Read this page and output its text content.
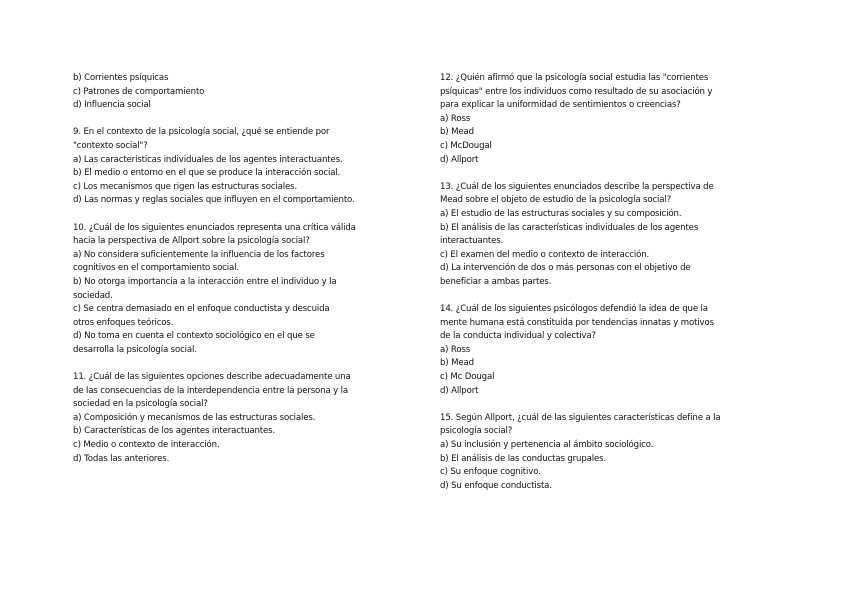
b) Corrientes psíquicas
c) Patrones de comportamiento
d) Influencia social
9. En el contexto de la psicología social, ¿qué se entiende por
"contexto social"?
a) Las características individuales de los agentes interactuantes.
b) El medio o entorno en el que se produce la interacción social.
c) Los mecanismos que rigen las estructuras sociales.
d) Las normas y reglas sociales que influyen en el comportamiento.
10. ¿Cuál de los siguientes enunciados representa una crítica válida
hacia la perspectiva de Allport sobre la psicología social?
a) No considera suficientemente la influencia de los factores
cognitivos en el comportamiento social.
b) No otorga importancia a la interacción entre el individuo y la
sociedad.
c) Se centra demasiado en el enfoque conductista y descuida
otros enfoques teóricos.
d) No toma en cuenta el contexto sociológico en el que se
desarrolla la psicología social.
11. ¿Cuál de las siguientes opciones describe adecuadamente una
de las consecuencias de la interdependencia entre la persona y la
sociedad en la psicología social?
a) Composición y mecanismos de las estructuras sociales.
b) Características de los agentes interactuantes.
c) Medio o contexto de interacción.
d) Todas las anteriores.
12. ¿Quién afirmó que la psicología social estudia las "corrientes
psíquicas" entre los individuos como resultado de su asociación y
para explicar la uniformidad de sentimientos o creencias?
a) Ross
b) Mead
c) McDougal
d) Allport
13. ¿Cuál de los siguientes enunciados describe la perspectiva de
Mead sobre el objeto de estudio de la psicología social?
a) El estudio de las estructuras sociales y su composición.
b) El análisis de las características individuales de los agentes
interactuantes.
c) El examen del medio o contexto de interacción.
d) La intervención de dos o más personas con el objetivo de
beneficiar a ambas partes.
14. ¿Cuál de los siguientes psicólogos defendió la idea de que la
mente humana está constituida por tendencias innatas y motivos
de la conducta individual y colectiva?
a) Ross
b) Mead
c) Mc Dougal
d) Allport
15. Según Allport, ¿cuál de las siguientes características define a la
psicología social?
a) Su inclusión y pertenencia al ámbito sociológico.
b) El análisis de las conductas grupales.
c) Su enfoque cognitivo.
d) Su enfoque conductista.
